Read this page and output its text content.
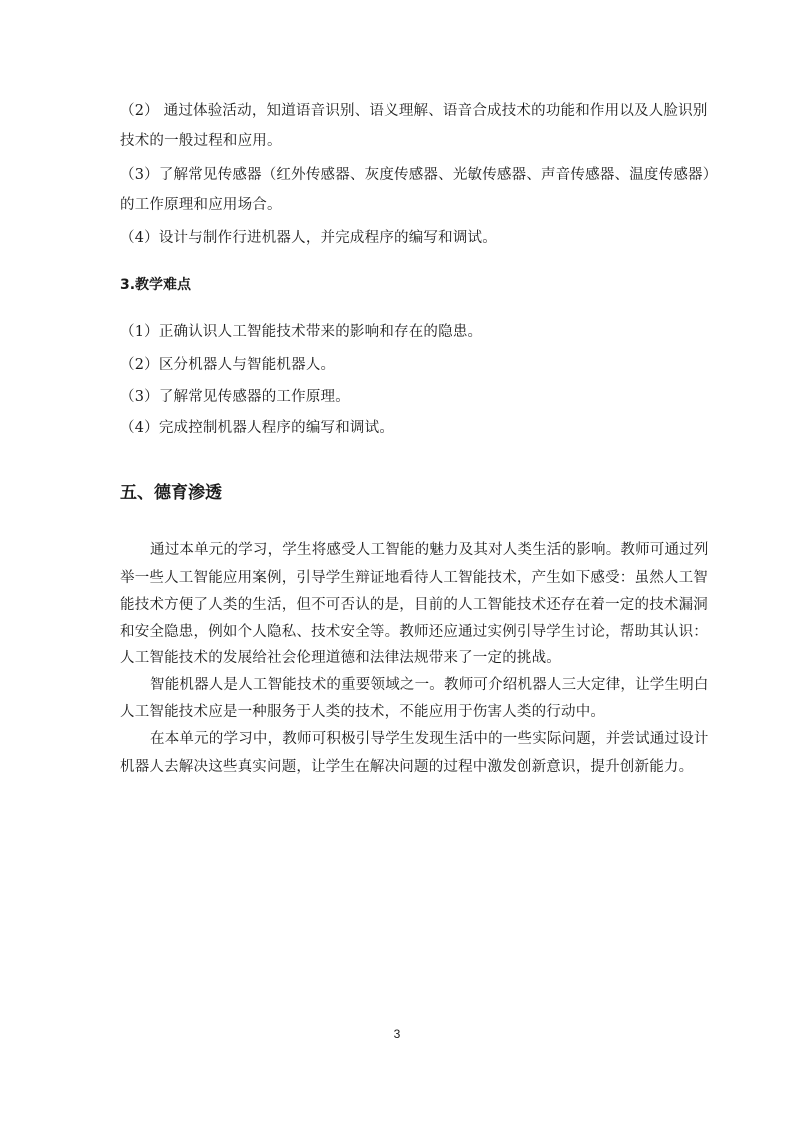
（2） 通过体验活动，知道语音识别、语义理解、语音合成技术的功能和作用以及人脸识别
技术的一般过程和应用。
（3）了解常见传感器（红外传感器、灰度传感器、光敏传感器、声音传感器、温度传感器）
的工作原理和应用场合。
（4）设计与制作行进机器人，并完成程序的编写和调试。
3.教学难点
（1）正确认识人工智能技术带来的影响和存在的隐患。
（2）区分机器人与智能机器人。
（3）了解常见传感器的工作原理。
（4）完成控制机器人程序的编写和调试。
五、德育渗透
通过本单元的学习，学生将感受人工智能的魅力及其对人类生活的影响。教师可通过列
举一些人工智能应用案例，引导学生辩证地看待人工智能技术，产生如下感受：虽然人工智
能技术方便了人类的生活，但不可否认的是，目前的人工智能技术还存在着一定的技术漏洞
和安全隐患，例如个人隐私、技术安全等。教师还应通过实例引导学生讨论，帮助其认识：
人工智能技术的发展给社会伦理道德和法律法规带来了一定的挑战。
智能机器人是人工智能技术的重要领域之一。教师可介绍机器人三大定律，让学生明白
人工智能技术应是一种服务于人类的技术，不能应用于伤害人类的行动中。
在本单元的学习中，教师可积极引导学生发现生活中的一些实际问题，并尝试通过设计
机器人去解决这些真实问题，让学生在解决问题的过程中激发创新意识，提升创新能力。
3
